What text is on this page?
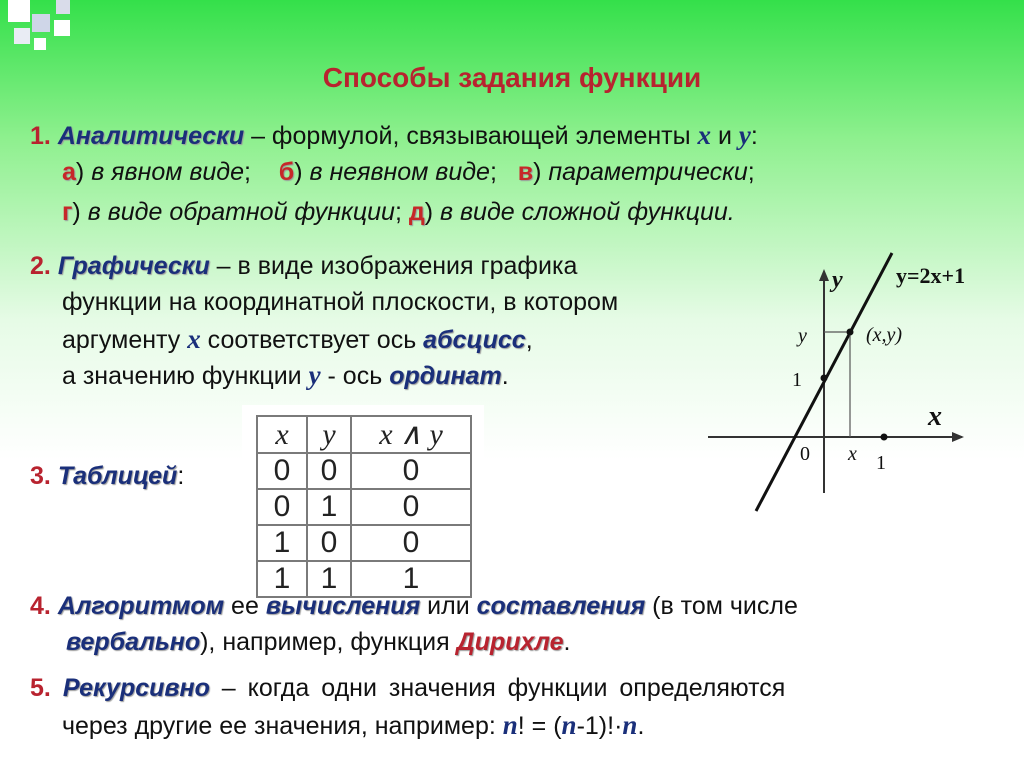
Способы задания функции
1. Аналитически – формулой, связывающей элементы x и y:
а) в явном виде;    б) в неявном виде;   в) параметрически;
г) в виде обратной функции; д) в виде сложной функции.
2. Графически – в виде изображения графика
функции на координатной плоскости, в котором
аргументу x соответствует ось абсцисс,
а значению функции y - ось ординат.
y y=2x+1
y	(x,y)
1
x
0 x 1
3. Таблицей:
x	y	x ∧ y
0	0	0
0	1	0
1	0	0
1	1	1
4. Алгоритмом ее вычисления или составления (в том числе
вербально), например, функция Дирихле.
5. Рекурсивно – когда одни значения функции определяются
через другие ее значения, например: n! = (n-1)!·n.
